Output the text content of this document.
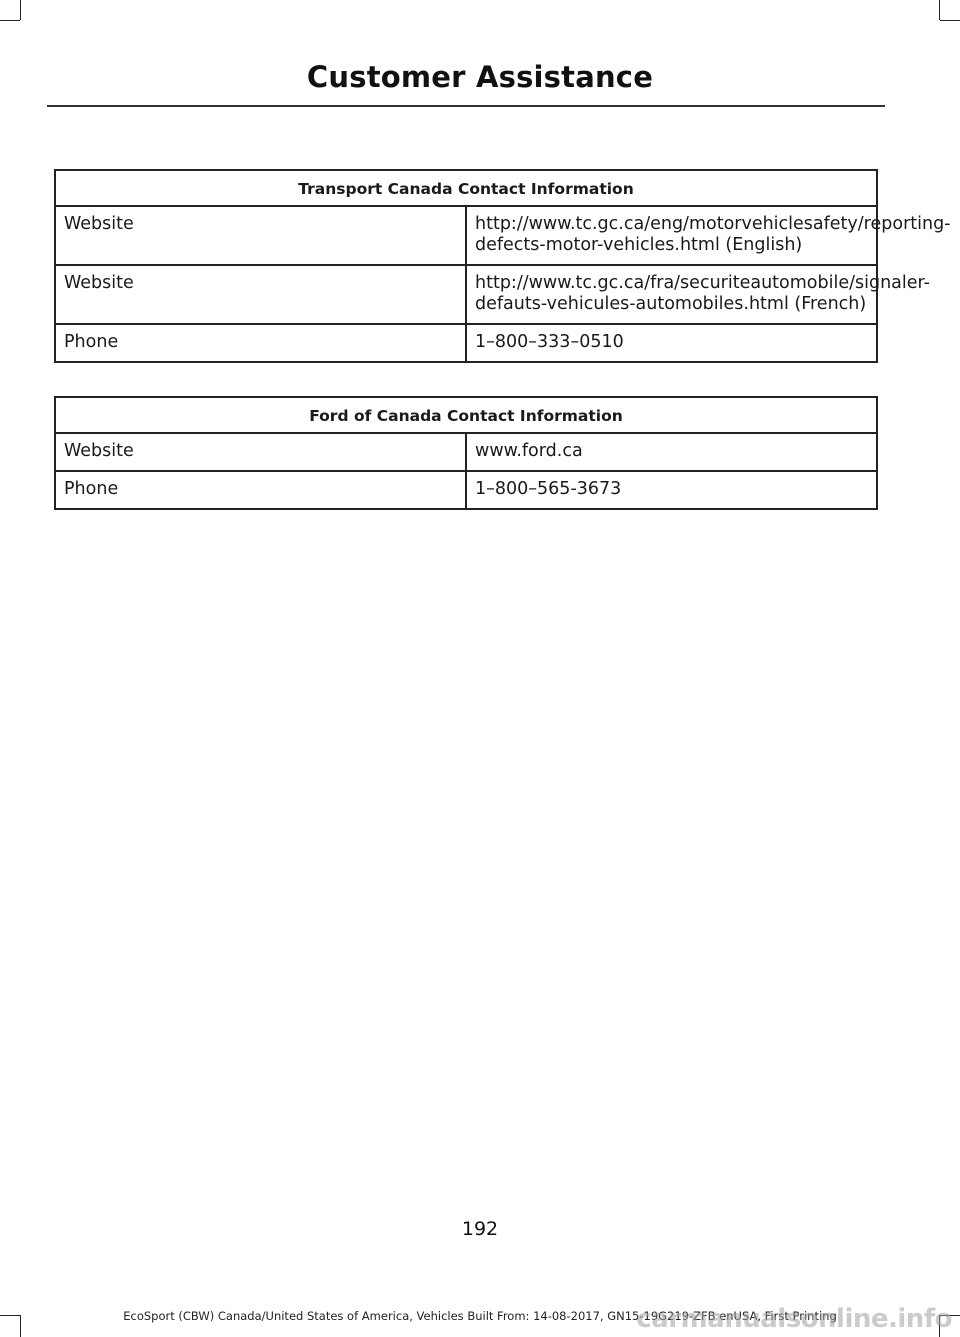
Customer Assistance
Transport Canada Contact Information	
Website	http://www.tc.gc.ca/eng/motorvehiclesafety/reporting-defects-motor-vehicles.html (English)
Website	http://www.tc.gc.ca/fra/securiteautomobile/signaler-defauts-vehicules-automobiles.html (French)
Phone	1–800–333–0510
Ford of Canada Contact Information	
Website	www.ford.ca
Phone	1–800–565-3673
192
EcoSport (CBW) Canada/United States of America, Vehicles Built From: 14-08-2017, GN15-19G219-ZFB enUSA, First Printing
carmanualsonline.info
